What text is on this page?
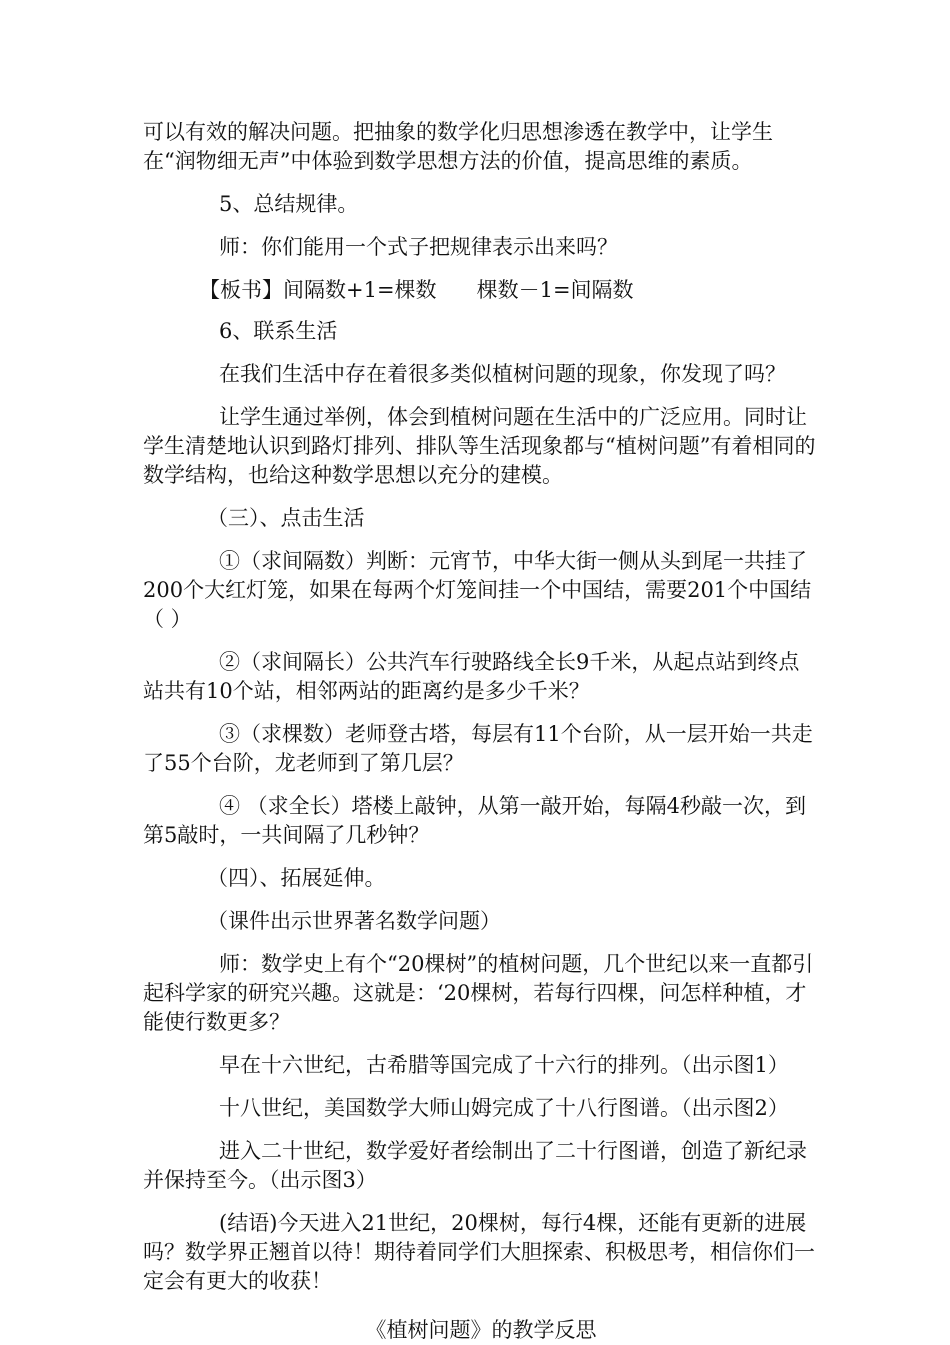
可以有效的解决问题。把抽象的数学化归思想渗透在教学中，让学生在“润物细无声”中体验到数学思想方法的价值，提高思维的素质。

5、总结规律。

师：你们能用一个式子把规律表示出来吗？

【板书】间隔数+1=棵数      棵数－1=间隔数

6、联系生活

在我们生活中存在着很多类似植树问题的现象，你发现了吗？

让学生通过举例，体会到植树问题在生活中的广泛应用。同时让学生清楚地认识到路灯排列、排队等生活现象都与“植树问题”有着相同的数学结构，也给这种数学思想以充分的建模。

（三）、点击生活

①（求间隔数）判断：元宵节，中华大街一侧从头到尾一共挂了200个大红灯笼，如果在每两个灯笼间挂一个中国结，需要201个中国结（ ）

②（求间隔长）公共汽车行驶路线全长9千米，从起点站到终点站共有10个站，相邻两站的距离约是多少千米？

③（求棵数）老师登古塔，每层有11个台阶，从一层开始一共走了55个台阶，龙老师到了第几层？

④ （求全长）塔楼上敲钟，从第一敲开始，每隔4秒敲一次，到第5敲时，一共间隔了几秒钟？

（四）、拓展延伸。

（课件出示世界著名数学问题）

师：数学史上有个“20棵树”的植树问题，几个世纪以来一直都引起科学家的研究兴趣。这就是：‘20棵树，若每行四棵，问怎样种植，才能使行数更多？

早在十六世纪，古希腊等国完成了十六行的排列。（出示图1）

十八世纪，美国数学大师山姆完成了十八行图谱。（出示图2）

进入二十世纪，数学爱好者绘制出了二十行图谱，创造了新纪录并保持至今。（出示图3）

(结语)今天进入21世纪，20棵树，每行4棵，还能有更新的进展吗？数学界正翘首以待！期待着同学们大胆探索、积极思考，相信你们一定会有更大的收获！

《植树问题》的教学反思
